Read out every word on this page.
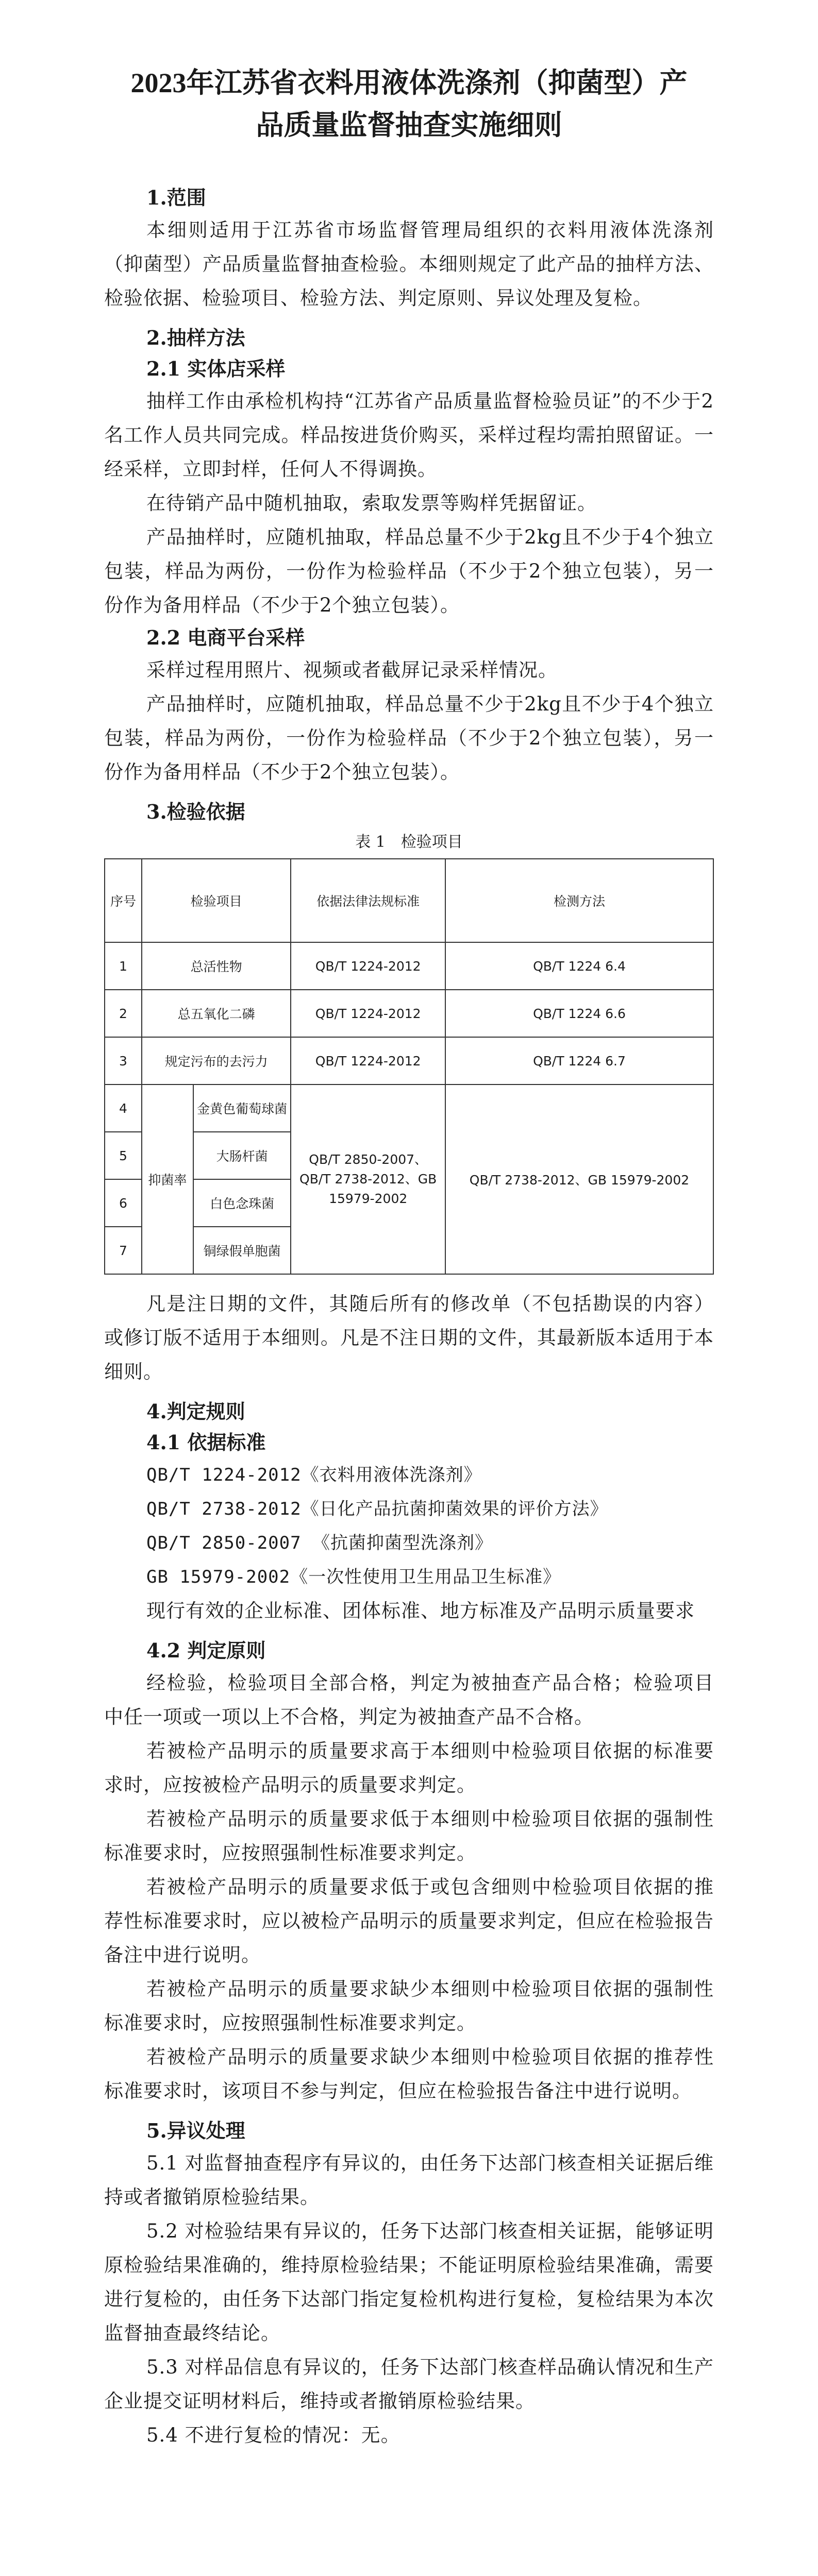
2023年江苏省衣料用液体洗涤剂（抑菌型）产
品质量监督抽查实施细则
1.范围

本细则适用于江苏省市场监督管理局组织的衣料用液体洗涤剂（抑菌型）产品质量监督抽查检验。本细则规定了此产品的抽样方法、检验依据、检验项目、检验方法、判定原则、异议处理及复检。

2.抽样方法
2.1 实体店采样

抽样工作由承检机构持“江苏省产品质量监督检验员证”的不少于2名工作人员共同完成。样品按进货价购买，采样过程均需拍照留证。一经采样，立即封样，任何人不得调换。

在待销产品中随机抽取，索取发票等购样凭据留证。

产品抽样时，应随机抽取，样品总量不少于2kg且不少于4个独立包装，样品为两份，一份作为检验样品（不少于2个独立包装），另一份作为备用样品（不少于2个独立包装）。

2.2 电商平台采样

采样过程用照片、视频或者截屏记录采样情况。

产品抽样时，应随机抽取，样品总量不少于2kg且不少于4个独立包装，样品为两份，一份作为检验样品（不少于2个独立包装），另一份作为备用样品（不少于2个独立包装）。

3.检验依据
表 1　检验项目
序号	检验项目		依据法律法规标准	检测方法
1	总活性物		QB/T 1224-2012	QB/T 1224 6.4
2	总五氧化二磷		QB/T 1224-2012	QB/T 1224 6.6
3	规定污布的去污力		QB/T 1224-2012	QB/T 1224 6.7
4	抑菌率	金黄色葡萄球菌	QB/T 2850-2007、QB/T 2738-2012、GB 15979-2002	QB/T 2738-2012、GB 15979-2002
5		大肠杆菌		
6		白色念珠菌		
7		铜绿假单胞菌		

凡是注日期的文件，其随后所有的修改单（不包括勘误的内容）或修订版不适用于本细则。凡是不注日期的文件，其最新版本适用于本细则。

4.判定规则
4.1 依据标准

QB/T 1224-2012《衣料用液体洗涤剂》

QB/T 2738-2012《日化产品抗菌抑菌效果的评价方法》

QB/T 2850-2007 《抗菌抑菌型洗涤剂》

GB 15979-2002《一次性使用卫生用品卫生标准》

现行有效的企业标准、团体标准、地方标准及产品明示质量要求

4.2 判定原则

经检验，检验项目全部合格，判定为被抽查产品合格；检验项目中任一项或一项以上不合格，判定为被抽查产品不合格。

若被检产品明示的质量要求高于本细则中检验项目依据的标准要求时，应按被检产品明示的质量要求判定。

若被检产品明示的质量要求低于本细则中检验项目依据的强制性标准要求时，应按照强制性标准要求判定。

若被检产品明示的质量要求低于或包含细则中检验项目依据的推荐性标准要求时，应以被检产品明示的质量要求判定，但应在检验报告备注中进行说明。

若被检产品明示的质量要求缺少本细则中检验项目依据的强制性标准要求时，应按照强制性标准要求判定。

若被检产品明示的质量要求缺少本细则中检验项目依据的推荐性标准要求时，该项目不参与判定，但应在检验报告备注中进行说明。

5.异议处理

5.1 对监督抽查程序有异议的，由任务下达部门核查相关证据后维持或者撤销原检验结果。

5.2 对检验结果有异议的，任务下达部门核查相关证据，能够证明原检验结果准确的，维持原检验结果；不能证明原检验结果准确，需要进行复检的，由任务下达部门指定复检机构进行复检，复检结果为本次监督抽查最终结论。

5.3 对样品信息有异议的，任务下达部门核查样品确认情况和生产企业提交证明材料后，维持或者撤销原检验结果。

5.4 不进行复检的情况：无。
